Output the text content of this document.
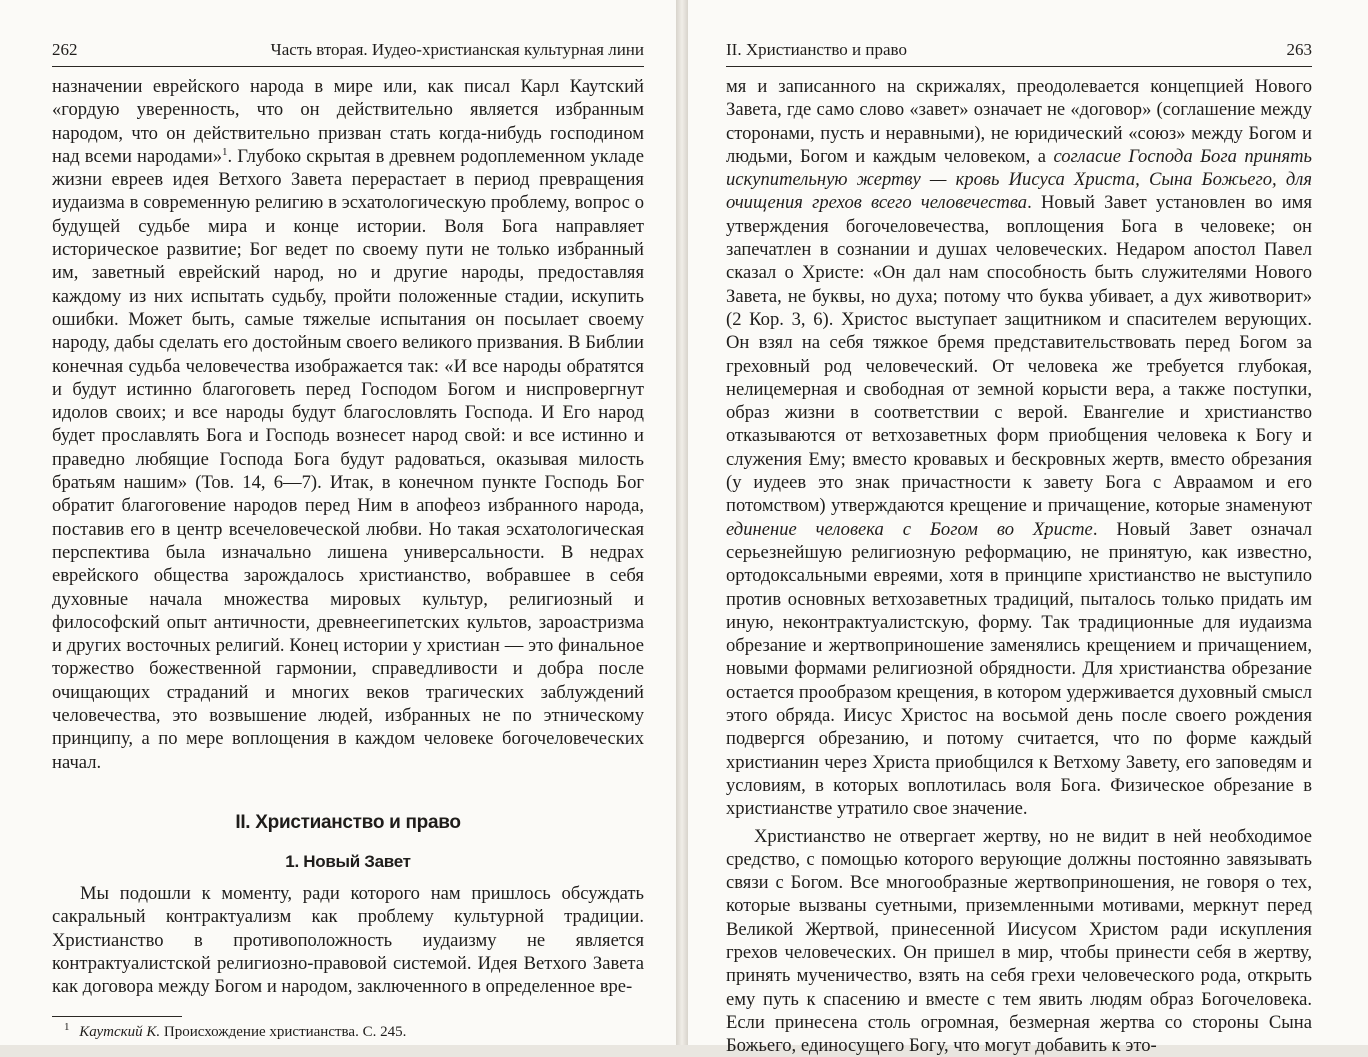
262	Часть вторая. Иудео-христианская культурная лини

назначении еврейского народа в мире или, как писал Карл Каутский «гордую уверенность, что он действительно является избранным народом, что он действительно призван стать когда-нибудь господином над всеми народами»$^1$. Глубоко скрытая в древнем родоплеменном укладе жизни евреев идея Ветхого Завета перерастает в период превращения иудаизма в современную религию в эсхатологическую проблему, вопрос о будущей судьбе мира и конце истории. Воля Бога направляет историческое развитие; Бог ведет по своему пути не только избранный им, заветный еврейский народ, но и другие народы, предоставляя каждому из них испытать судьбу, пройти положенные стадии, искупить ошибки. Может быть, самые тяжелые испытания он посылает своему народу, дабы сделать его достойным своего великого призвания. В Библии конечная судьба человечества изображается так: «И все народы обратятся и будут истинно благоговеть перед Господом Богом и ниспровергнут идолов своих; и все народы будут благословлять Господа. И Его народ будет прославлять Бога и Господь вознесет народ свой: и все истинно и праведно любящие Господа Бога будут радоваться, оказывая милость братьям нашим» (Тов. 14, 6—7). Итак, в конечном пункте Господь Бог обратит благоговение народов перед Ним в апофеоз избранного народа, поставив его в центр всечеловеческой любви. Но такая эсхатологическая перспектива была изначально лишена универсальности. В недрах еврейского общества зарождалось христианство, вобравшее в себя духовные начала множества мировых культур, религиозный и философский опыт античности, древнеегипетских культов, зароастризма и других восточных религий. Конец истории у христиан — это финальное торжество божественной гармонии, справедливости и добра после очищающих страданий и многих веков трагических заблуждений человечества, это возвышение людей, избранных не по этническому принципу, а по мере воплощения в каждом человеке богочеловеческих начал.

II. Христианство и право
1. Новый Завет

Мы подошли к моменту, ради которого нам пришлось обсуждать сакральный контрактуализм как проблему культурной традиции. Христианство в противоположность иудаизму не является контрактуалистской религиозно-правовой системой. Идея Ветхого Завета как договора между Богом и народом, заключенного в определенное вре-

$^1$ Каутский К. Происхождение христианства. С. 245.
II. Христианство и право	263

мя и записанного на скрижалях, преодолевается концепцией Нового Завета, где само слово «завет» означает не «договор» (соглашение между сторонами, пусть и неравными), не юридический «союз» между Богом и людьми, Богом и каждым человеком, а согласие Господа Бога принять искупительную жертву — кровь Иисуса Христа, Сына Божьего, для очищения грехов всего человечества. Новый Завет установлен во имя утверждения богочеловечества, воплощения Бога в человеке; он запечатлен в сознании и душах человеческих. Недаром апостол Павел сказал о Христе: «Он дал нам способность быть служителями Нового Завета, не буквы, но духа; потому что буква убивает, а дух животворит» (2 Кор. 3, 6). Христос выступает защитником и спасителем верующих. Он взял на себя тяжкое бремя представительствовать перед Богом за греховный род человеческий. От человека же требуется глубокая, нелицемерная и свободная от земной корысти вера, а также поступки, образ жизни в соответствии с верой. Евангелие и христианство отказываются от ветхозаветных форм приобщения человека к Богу и служения Ему; вместо кровавых и бескровных жертв, вместо обрезания (у иудеев это знак причастности к завету Бога с Авраамом и его потомством) утверждаются крещение и причащение, которые знаменуют единение человека с Богом во Христе. Новый Завет означал серьезнейшую религиозную реформацию, не принятую, как известно, ортодоксальными евреями, хотя в принципе христианство не выступило против основных ветхозаветных традиций, пыталось только придать им иную, неконтрактуалистскую, форму. Так традиционные для иудаизма обрезание и жертвоприношение заменялись крещением и причащением, новыми формами религиозной обрядности. Для христианства обрезание остается прообразом крещения, в котором удерживается духовный смысл этого обряда. Иисус Христос на восьмой день после своего рождения подвергся обрезанию, и потому считается, что по форме каждый христианин через Христа приобщился к Ветхому Завету, его заповедям и условиям, в которых воплотилась воля Бога. Физическое обрезание в христианстве утратило свое значение.

Христианство не отвергает жертву, но не видит в ней необходимое средство, с помощью которого верующие должны постоянно завязывать связи с Богом. Все многообразные жертвоприношения, не говоря о тех, которые вызваны суетными, приземленными мотивами, меркнут перед Великой Жертвой, принесенной Иисусом Христом ради искупления грехов человеческих. Он пришел в мир, чтобы принести себя в жертву, принять мученичество, взять на себя грехи человеческого рода, открыть ему путь к спасению и вместе с тем явить людям образ Богочеловека. Если принесена столь огромная, безмерная жертва со стороны Сына Божьего, единосущего Богу, что могут добавить к это-
